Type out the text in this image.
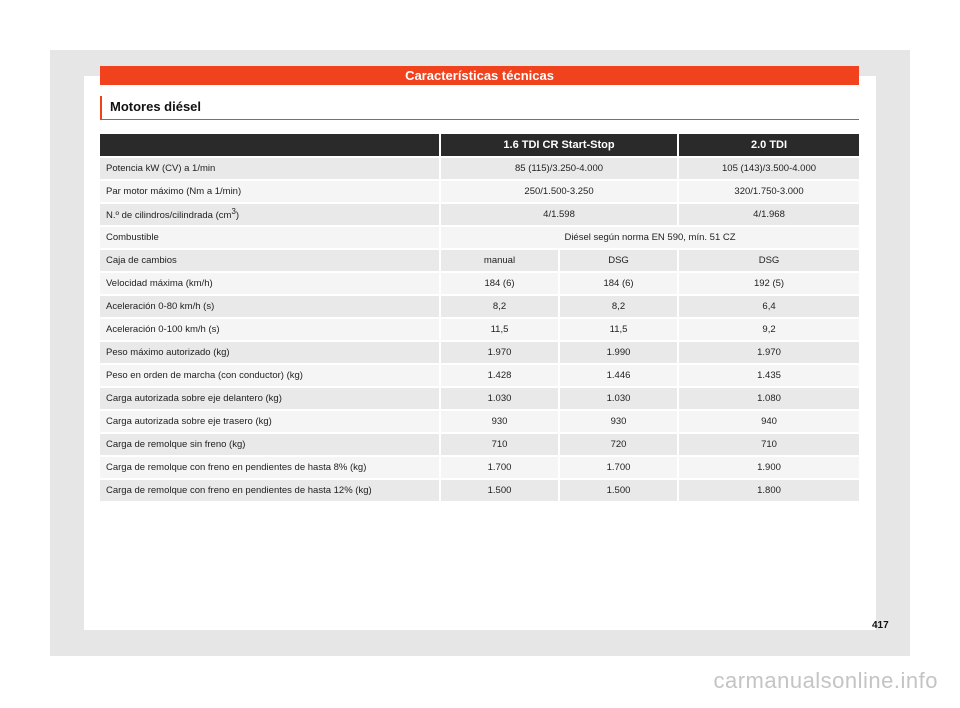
Características técnicas
Motores diésel
	1.6 TDI CR Start-Stop		2.0 TDI
Potencia kW (CV) a 1/min	85 (115)/3.250-4.000		105 (143)/3.500-4.000
Par motor máximo (Nm a 1/min)	250/1.500-3.250		320/1.750-3.000
N.º de cilindros/cilindrada $(cm^3)$	4/1.598		4/1.968
Combustible	Diésel según norma EN 590, mín. 51 CZ		
Caja de cambios	manual	DSG	DSG
Velocidad máxima (km/h)	184 (6)	184 (6)	192 (5)
Aceleración 0-80 km/h (s)	8,2	8,2	6,4
Aceleración 0-100 km/h (s)	11,5	11,5	9,2
Peso máximo autorizado (kg)	1.970	1.990	1.970
Peso en orden de marcha (con conductor) (kg)	1.428	1.446	1.435
Carga autorizada sobre eje delantero (kg)	1.030	1.030	1.080
Carga autorizada sobre eje trasero (kg)	930	930	940
Carga de remolque sin freno (kg)	710	720	710
Carga de remolque con freno en pendientes de hasta 8% (kg)	1.700	1.700	1.900
Carga de remolque con freno en pendientes de hasta 12% (kg)	1.500	1.500	1.800
417
carmanualsonline.info
